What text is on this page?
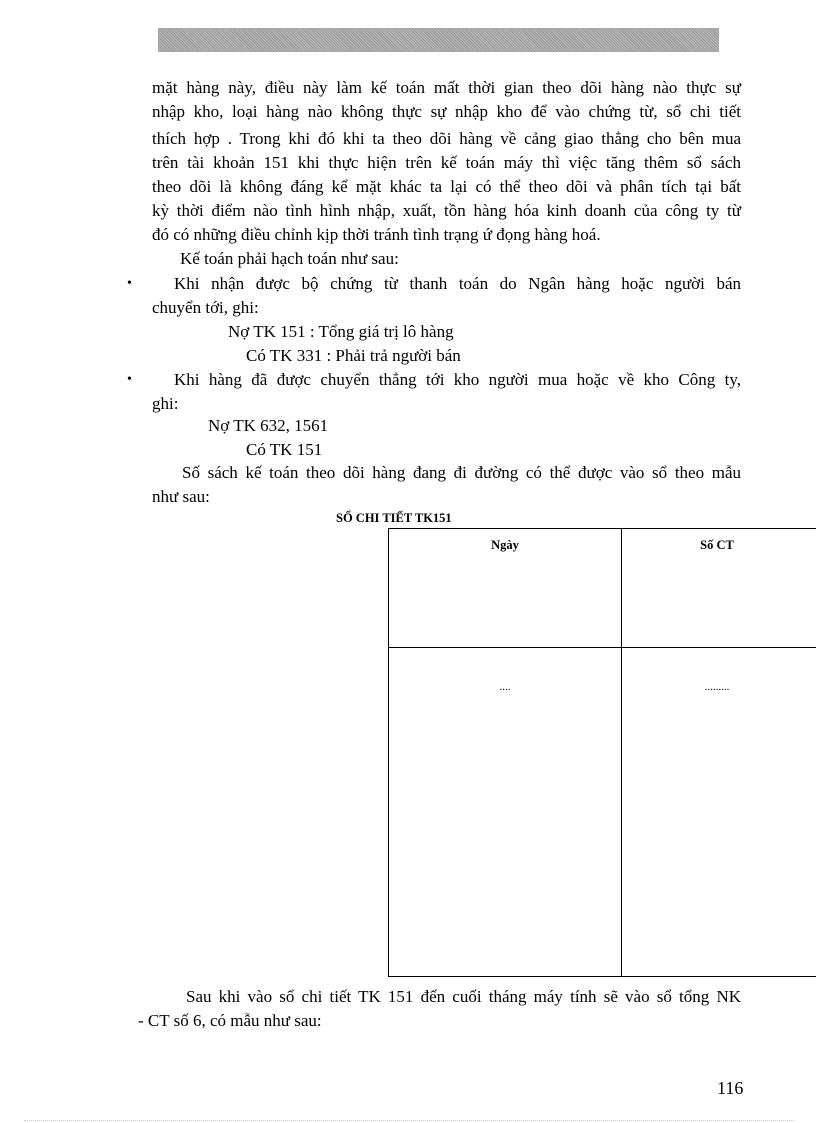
mặt hàng này, điều này làm kế toán mất thời gian theo dõi hàng nào thực sự
nhập kho, loại hàng nào không thực sự nhập kho để vào chứng từ, sổ chi tiết
thích hợp . Trong khi đó khi ta theo dõi hàng về cảng giao thẳng cho bên mua
trên tài khoản 151 khi thực hiện trên kế toán máy thì việc tăng thêm sổ sách
theo dõi là không đáng kể mặt khác ta lại có thể theo dõi và phân tích tại bất
kỳ thời điểm nào tình hình nhập, xuất, tồn hàng hóa kinh doanh của công ty từ
đó có những điều chỉnh kịp thời tránh tình trạng ứ đọng hàng hoá.
Kế toán phải hạch toán như sau:
• Khi nhận được bộ chứng từ thanh toán do Ngân hàng hoặc người bán
chuyển tới, ghi:
Nợ TK 151 : Tổng giá trị lô hàng
Có TK 331 : Phải trả người bán
• Khi hàng đã được chuyển thẳng tới kho người mua hoặc về kho Công ty,
ghi:
Nợ TK 632, 1561
Có TK 151
Số sách kế toán theo dõi hàng đang đi đường có thể được vào sổ theo mẫu
như sau:
SỔ CHI TIẾT TK151
Ngày	Số CT
....	.........
Sau khi vào sổ chi tiết TK 151 đến cuối tháng máy tính sẽ vào sổ tổng NK
- CT số 6, có mẫu như sau:
116
